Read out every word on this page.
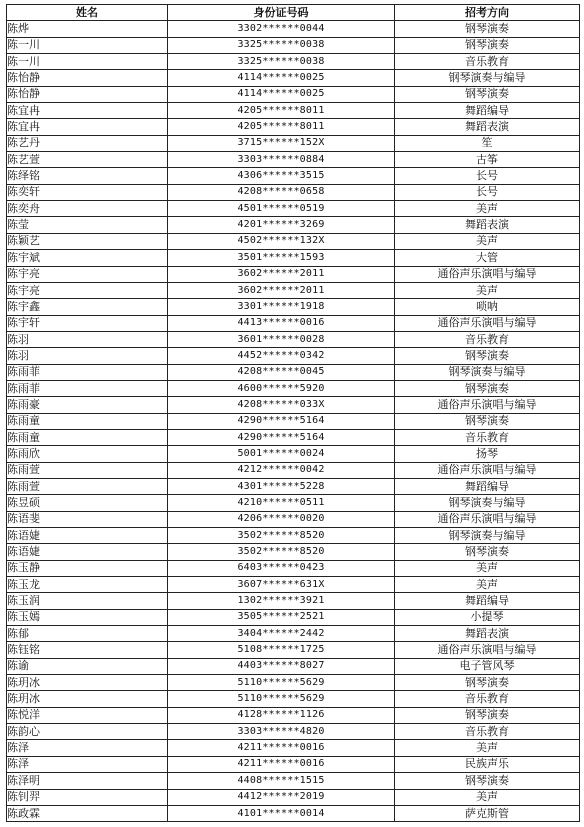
姓名	身份证号码	招考方向
陈烨	3302******0044	钢琴演奏
陈一川	3325******0038	钢琴演奏
陈一川	3325******0038	音乐教育
陈怡静	4114******0025	钢琴演奏与编导
陈怡静	4114******0025	钢琴演奏
陈宜冉	4205******8011	舞蹈编导
陈宜冉	4205******8011	舞蹈表演
陈艺丹	3715******152X	笙
陈艺萱	3303******0884	古筝
陈绎铭	4306******3515	长号
陈奕轩	4208******0658	长号
陈奕舟	4501******0519	美声
陈莹	4201******3269	舞蹈表演
陈颖艺	4502******132X	美声
陈宇斌	3501******1593	大管
陈宇亮	3602******2011	通俗声乐演唱与编导
陈宇亮	3602******2011	美声
陈宇鑫	3301******1918	唢呐
陈宇轩	4413******0016	通俗声乐演唱与编导
陈羽	3601******0028	音乐教育
陈羽	4452******0342	钢琴演奏
陈雨菲	4208******0045	钢琴演奏与编导
陈雨菲	4600******5920	钢琴演奏
陈雨豪	4208******033X	通俗声乐演唱与编导
陈雨童	4290******5164	钢琴演奏
陈雨童	4290******5164	音乐教育
陈雨欣	5001******0024	扬琴
陈雨萱	4212******0042	通俗声乐演唱与编导
陈雨萱	4301******5228	舞蹈编导
陈昱硕	4210******0511	钢琴演奏与编导
陈语斐	4206******0020	通俗声乐演唱与编导
陈语婕	3502******8520	钢琴演奏与编导
陈语婕	3502******8520	钢琴演奏
陈玉静	6403******0423	美声
陈玉龙	3607******631X	美声
陈玉润	1302******3921	舞蹈编导
陈玉嫣	3505******2521	小提琴
陈郁	3404******2442	舞蹈表演
陈钰铭	5108******1725	通俗声乐演唱与编导
陈谕	4403******8027	电子管风琴
陈玥冰	5110******5629	钢琴演奏
陈玥冰	5110******5629	音乐教育
陈悦洋	4128******1126	钢琴演奏
陈韵心	3303******4820	音乐教育
陈泽	4211******0016	美声
陈泽	4211******0016	民族声乐
陈泽明	4408******1515	钢琴演奏
陈钊羿	4412******2019	美声
陈政霖	4101******0014	萨克斯管
